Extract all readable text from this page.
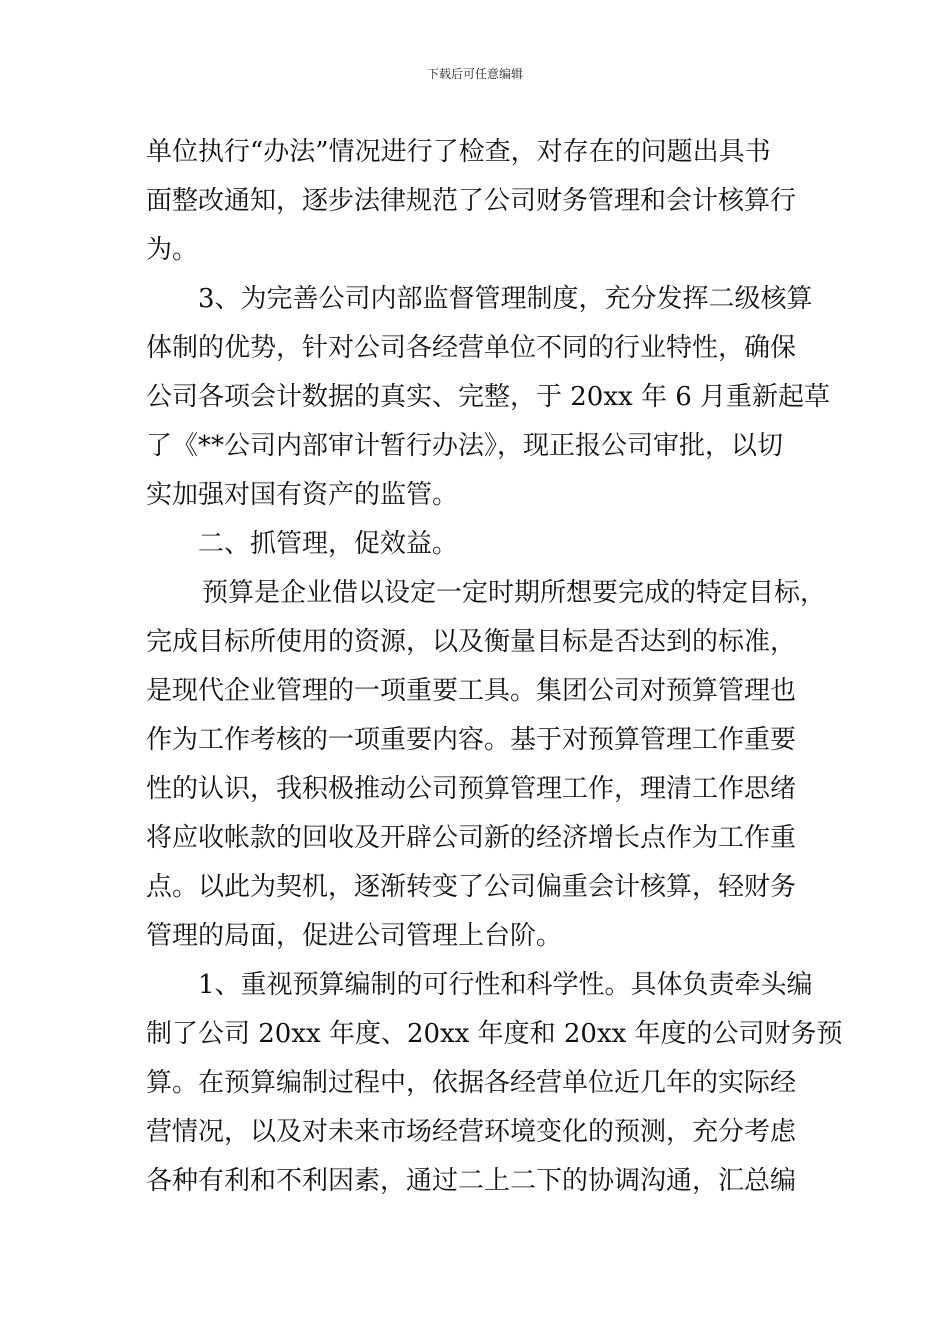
下载后可任意编辑
单位执行“办法”情况进行了检查，对存在的问题出具书
面整改通知，逐步法律规范了公司财务管理和会计核算行
为。
3、为完善公司内部监督管理制度，充分发挥二级核算
体制的优势，针对公司各经营单位不同的行业特性，确保
公司各项会计数据的真实、完整，于 20xx 年 6 月重新起草
了《**公司内部审计暂行办法》，现正报公司审批，以切
实加强对国有资产的监管。
二、抓管理，促效益。
预算是企业借以设定一定时期所想要完成的特定目标，
完成目标所使用的资源，以及衡量目标是否达到的标准，
是现代企业管理的一项重要工具。集团公司对预算管理也
作为工作考核的一项重要内容。基于对预算管理工作重要
性的认识，我积极推动公司预算管理工作，理清工作思绪
将应收帐款的回收及开辟公司新的经济增长点作为工作重
点。以此为契机，逐渐转变了公司偏重会计核算，轻财务
管理的局面，促进公司管理上台阶。
1、重视预算编制的可行性和科学性。具体负责牵头编
制了公司 20xx 年度、20xx 年度和 20xx 年度的公司财务预
算。在预算编制过程中，依据各经营单位近几年的实际经
营情况，以及对未来市场经营环境变化的预测，充分考虑
各种有利和不利因素，通过二上二下的协调沟通，汇总编
